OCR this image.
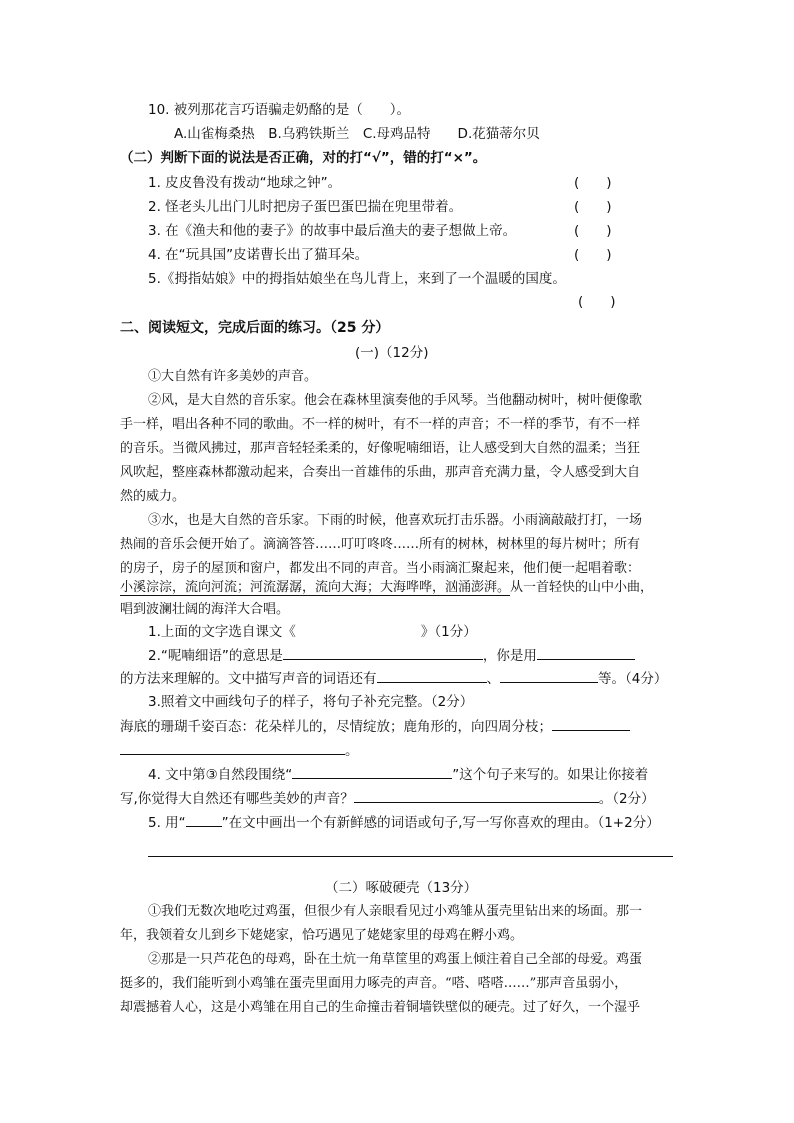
10. 被列那花言巧语骗走奶酪的是（　　）。
A.山雀梅桑热　B.乌鸦铁斯兰　C.母鸡品特　　D.花猫蒂尔贝
（二）判断下面的说法是否正确，对的打“√”，错的打“×”。
1. 皮皮鲁没有拨动“地球之钟”。	(　　)
2. 怪老头儿出门儿时把房子蛋巴蛋巴揣在兜里带着。	(　　)
3. 在《渔夫和他的妻子》的故事中最后渔夫的妻子想做上帝。	(　　)
4. 在“玩具国”皮诺曹长出了猫耳朵。	(　　)
5.《拇指姑娘》中的拇指姑娘坐在鸟儿背上，来到了一个温暖的国度。
(　　)
二、阅读短文，完成后面的练习。（25 分）
(一)（12分)
①大自然有许多美妙的声音。
②风，是大自然的音乐家。他会在森林里演奏他的手风琴。当他翻动树叶，树叶便像歌
手一样，唱出各种不同的歌曲。不一样的树叶，有不一样的声音；不一样的季节，有不一样
的音乐。当微风拂过，那声音轻轻柔柔的，好像呢喃细语，让人感受到大自然的温柔；当狂
风吹起，整座森林都激动起来，合奏出一首雄伟的乐曲，那声音充满力量，令人感受到大自
然的威力。
③水，也是大自然的音乐家。下雨的时候，他喜欢玩打击乐器。小雨滴敲敲打打，一场
热闹的音乐会便开始了。滴滴答答……叮叮咚咚……所有的树林，树林里的每片树叶；所有
的房子，房子的屋顶和窗户，都发出不同的声音。当小雨滴汇聚起来，他们便一起唱着歌：
小溪淙淙，流向河流；河流潺潺，流向大海；大海哗哗，汹涌澎湃。从一首轻快的山中小曲，
唱到波澜壮阔的海洋大合唱。
1.上面的文字选自课文《	》（1分）
2.“呢喃细语”的意思是	，你是用
的方法来理解的。文中描写声音的词语还有	、	等。（4分）
3.照着文中画线句子的样子，将句子补充完整。（2分）
海底的珊瑚千姿百态：花朵样儿的，尽情绽放；鹿角形的，向四周分枝；
。
4. 文中第③自然段围绕“	”这个句子来写的。如果让你接着
写,你觉得大自然还有哪些美妙的声音？	。（2分）
5. 用“	”在文中画出一个有新鲜感的词语或句子,写一写你喜欢的理由。（1+2分）
（二）啄破硬壳（13分）
①我们无数次地吃过鸡蛋，但很少有人亲眼看见过小鸡雏从蛋壳里钻出来的场面。那一
年，我领着女儿到乡下姥姥家，恰巧遇见了姥姥家里的母鸡在孵小鸡。
②那是一只芦花色的母鸡，卧在土炕一角草筐里的鸡蛋上倾注着自己全部的母爱。鸡蛋
挺多的，我们能听到小鸡雏在蛋壳里面用力啄壳的声音。“嗒、嗒嗒……”那声音虽弱小，
却震撼着人心，这是小鸡雏在用自己的生命撞击着铜墙铁壁似的硬壳。过了好久，一个湿乎
